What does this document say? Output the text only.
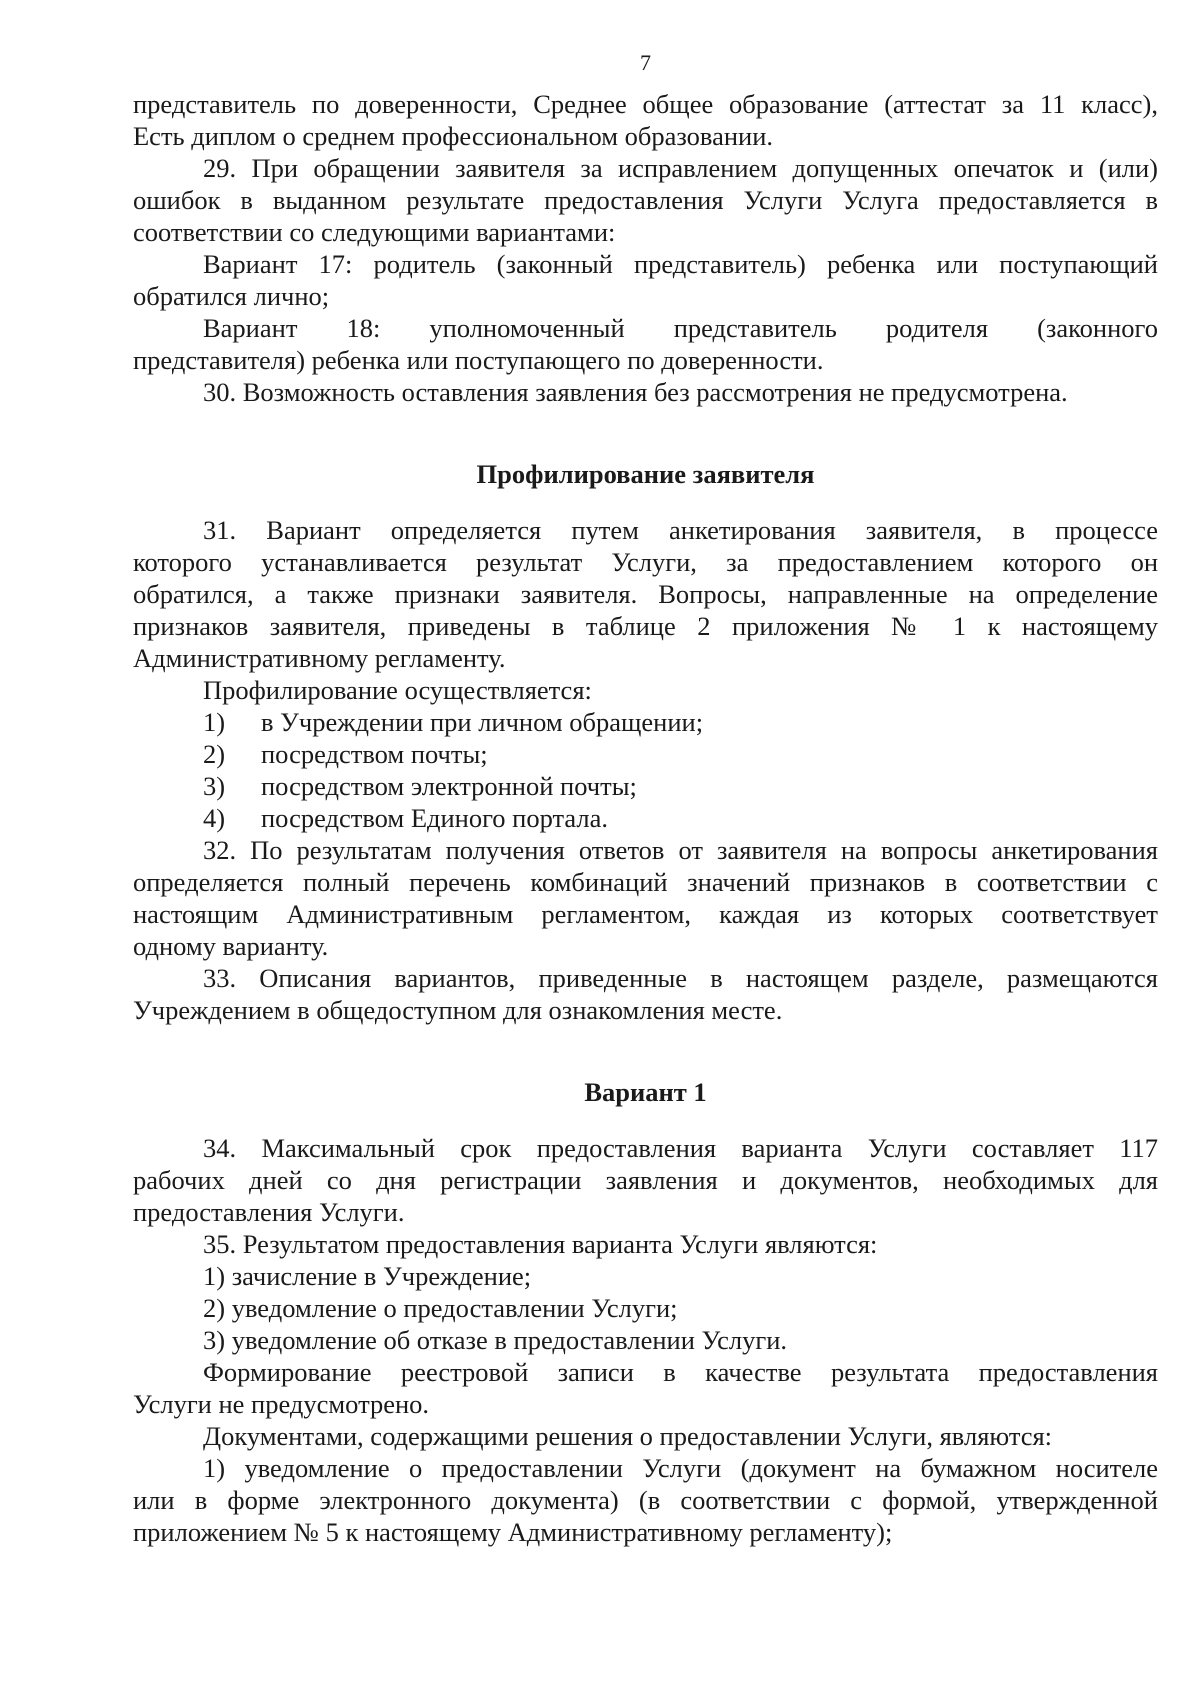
7

представитель по доверенности, Среднее общее образование (аттестат за 11 класс),

Есть диплом о среднем профессиональном образовании.

29. При обращении заявителя за исправлением допущенных опечаток и (или)

ошибок в выданном результате предоставления Услуги Услуга предоставляется в

соответствии со следующими вариантами:

Вариант 17: родитель (законный представитель) ребенка или поступающий

обратился лично;

Вариант 18: уполномоченный представитель родителя (законного

представителя) ребенка или поступающего по доверенности.

30. Возможность оставления заявления без рассмотрения не предусмотрена.

Профилирование заявителя

31. Вариант определяется путем анкетирования заявителя, в процессе

которого устанавливается результат Услуги, за предоставлением которого он

обратился, а также признаки заявителя. Вопросы, направленные на определение

признаков заявителя, приведены в таблице 2 приложения № 1 к настоящему

Административному регламенту.

Профилирование осуществляется:

1)	в Учреждении при личном обращении;
2)	посредством почты;
3)	посредством электронной почты;
4)	посредством Единого портала.

32. По результатам получения ответов от заявителя на вопросы анкетирования

определяется полный перечень комбинаций значений признаков в соответствии с

настоящим Административным регламентом, каждая из которых соответствует

одному варианту.

33. Описания вариантов, приведенные в настоящем разделе, размещаются

Учреждением в общедоступном для ознакомления месте.

Вариант 1

34. Максимальный срок предоставления варианта Услуги составляет 117

рабочих дней со дня регистрации заявления и документов, необходимых для

предоставления Услуги.

35. Результатом предоставления варианта Услуги являются:

1) зачисление в Учреждение;

2) уведомление о предоставлении Услуги;

3) уведомление об отказе в предоставлении Услуги.

Формирование реестровой записи в качестве результата предоставления

Услуги не предусмотрено.

Документами, содержащими решения о предоставлении Услуги, являются:

1) уведомление о предоставлении Услуги (документ на бумажном носителе

или в форме электронного документа) (в соответствии с формой, утвержденной

приложением № 5 к настоящему Административному регламенту);
